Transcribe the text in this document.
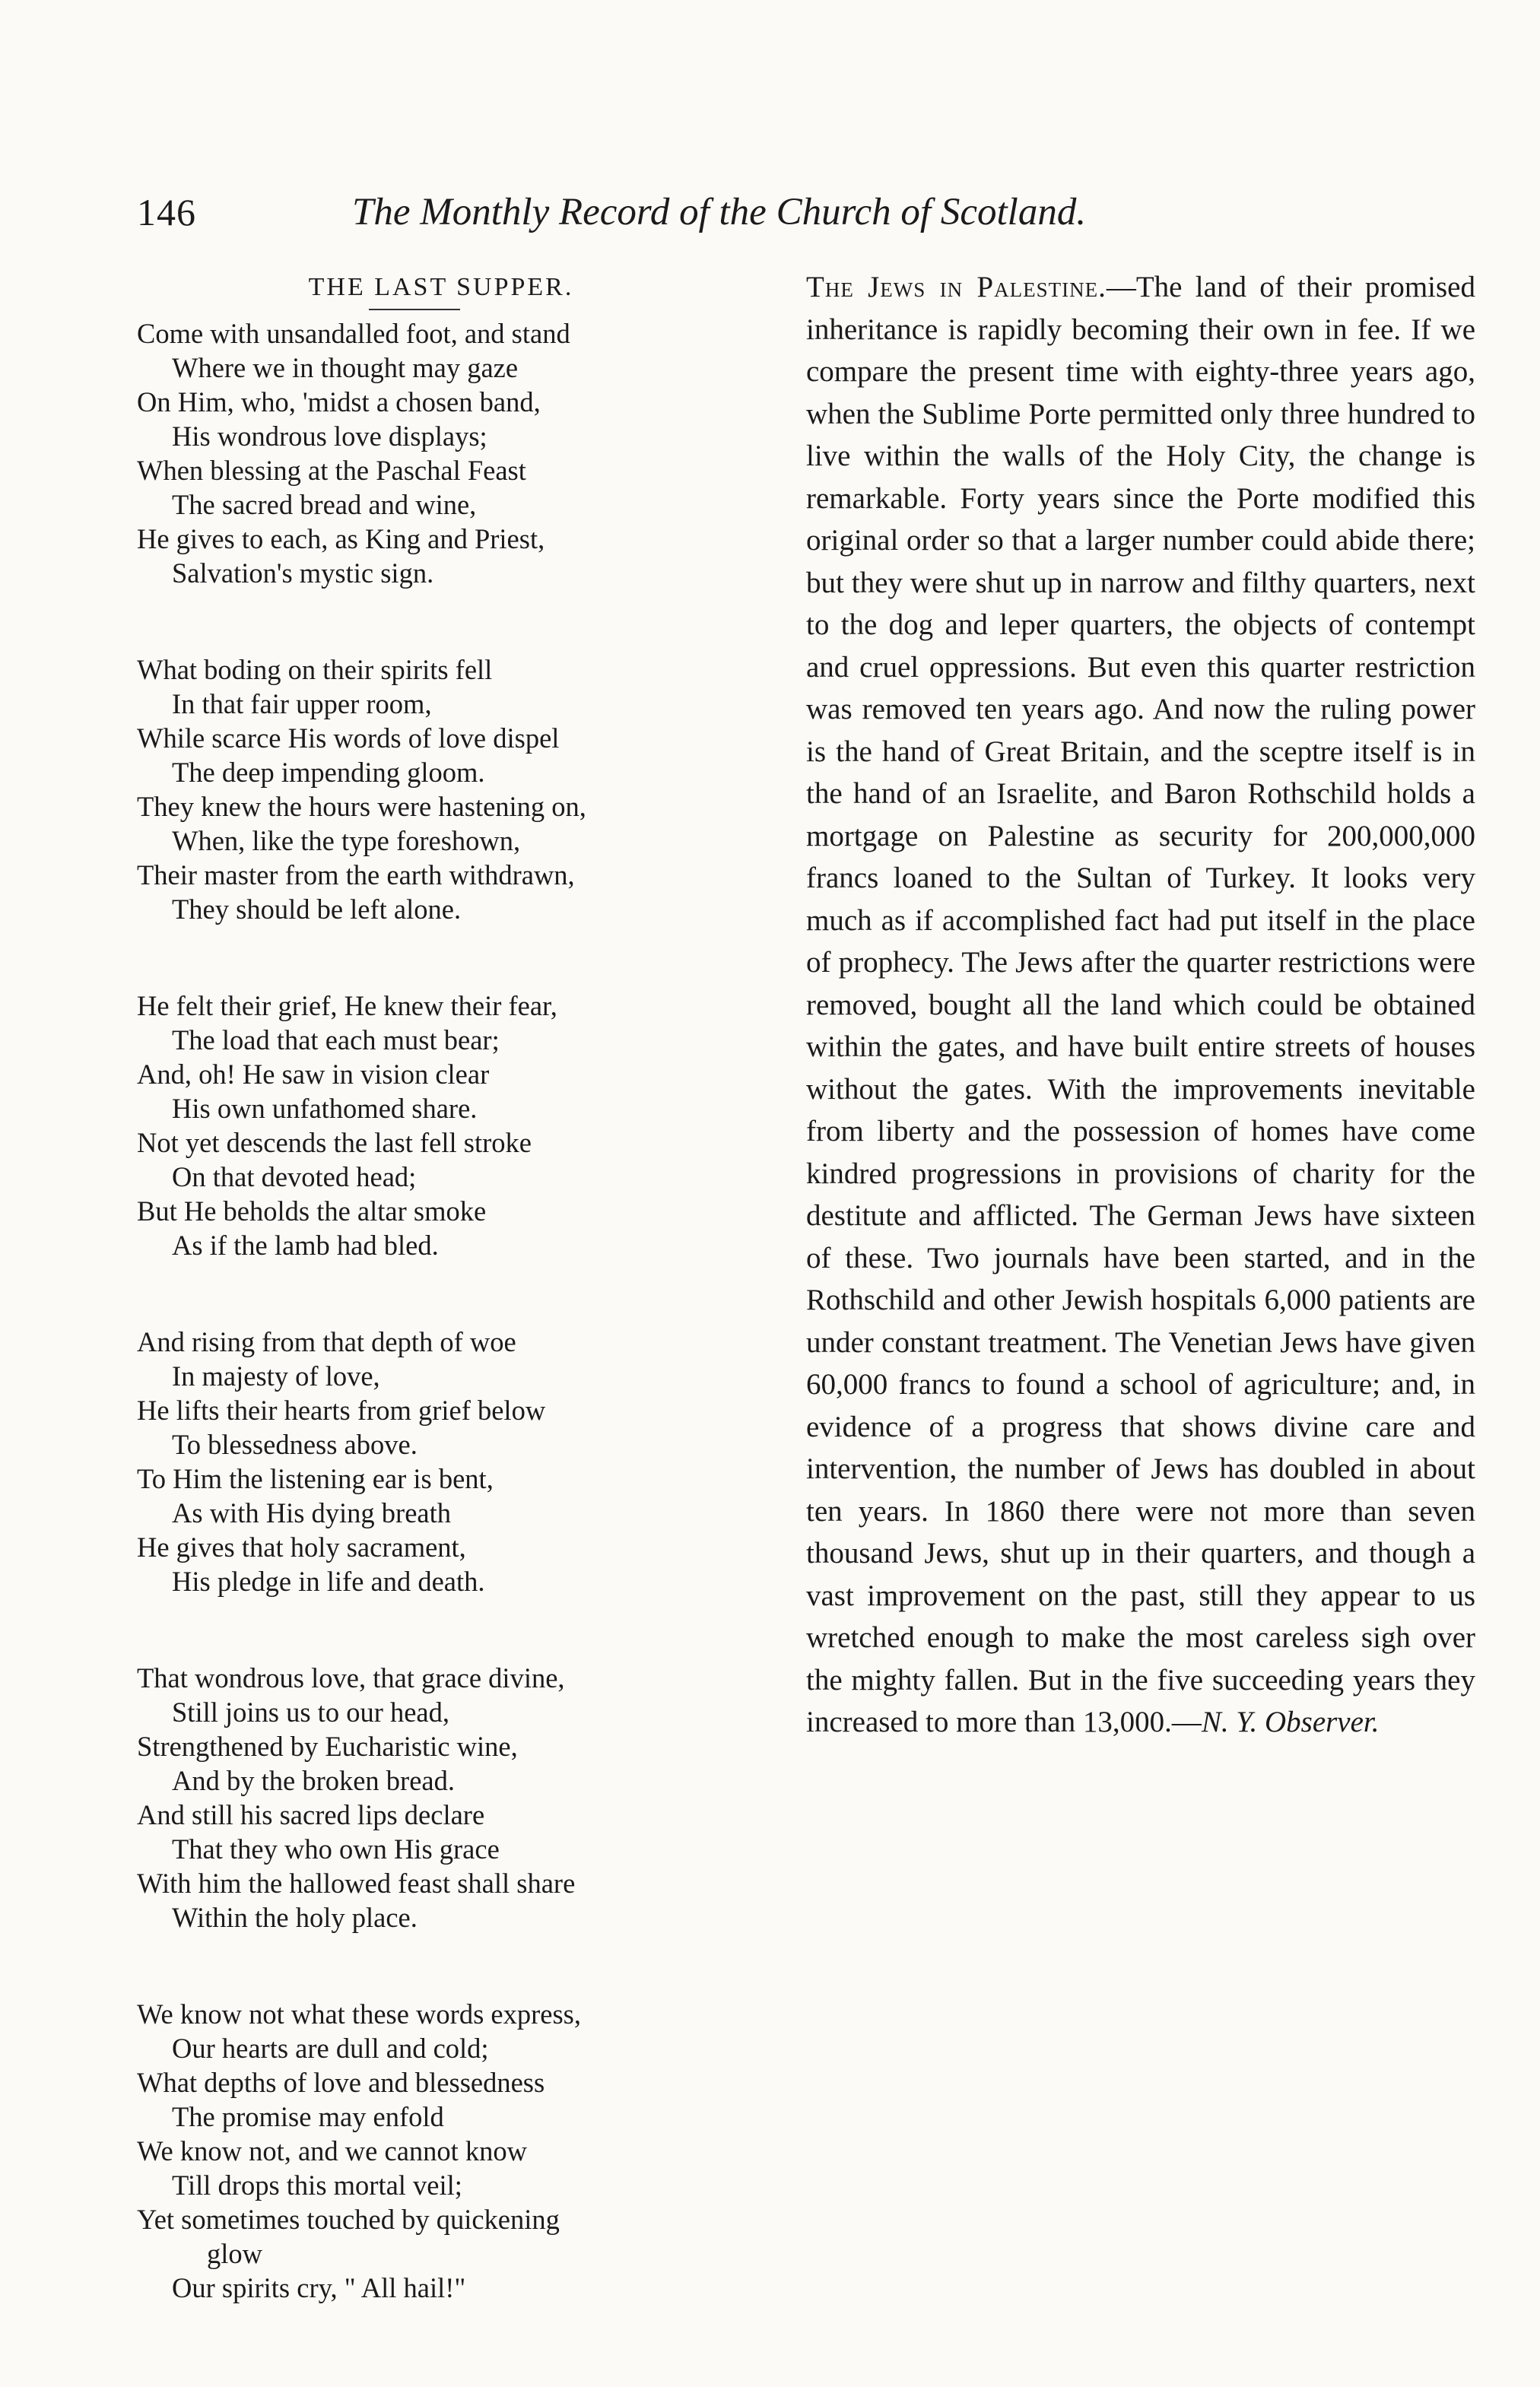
146	The Monthly Record of the Church of Scotland.
THE LAST SUPPER.
Come with unsandalled foot, and stand
Where we in thought may gaze
On Him, who, 'midst a chosen band,
His wondrous love displays;
When blessing at the Paschal Feast
The sacred bread and wine,
He gives to each, as King and Priest,
Salvation's mystic sign.
What boding on their spirits fell
In that fair upper room,
While scarce His words of love dispel
The deep impending gloom.
They knew the hours were hastening on,
When, like the type foreshown,
Their master from the earth withdrawn,
They should be left alone.
He felt their grief, He knew their fear,
The load that each must bear;
And, oh! He saw in vision clear
His own unfathomed share.
Not yet descends the last fell stroke
On that devoted head;
But He beholds the altar smoke
As if the lamb had bled.
And rising from that depth of woe
In majesty of love,
He lifts their hearts from grief below
To blessedness above.
To Him the listening ear is bent,
As with His dying breath
He gives that holy sacrament,
His pledge in life and death.
That wondrous love, that grace divine,
Still joins us to our head,
Strengthened by Eucharistic wine,
And by the broken bread.
And still his sacred lips declare
That they who own His grace
With him the hallowed feast shall share
Within the holy place.
We know not what these words express,
Our hearts are dull and cold;
What depths of love and blessedness
The promise may enfold
We know not, and we cannot know
Till drops this mortal veil;
Yet sometimes touched by quickening
glow
Our spirits cry, " All hail!"

The Jews in Palestine.—The land of their promised inheritance is rapidly becoming their own in fee. If we compare the present time with eighty-three years ago, when the Sublime Porte permitted only three hundred to live within the walls of the Holy City, the change is remarkable. Forty years since the Porte modified this original order so that a larger number could abide there; but they were shut up in narrow and filthy quarters, next to the dog and leper quarters, the objects of contempt and cruel oppressions. But even this quarter restriction was removed ten years ago. And now the ruling power is the hand of Great Britain, and the sceptre itself is in the hand of an Israelite, and Baron Rothschild holds a mortgage on Palestine as security for 200,000,000 francs loaned to the Sultan of Turkey. It looks very much as if accomplished fact had put itself in the place of prophecy. The Jews after the quarter restrictions were removed, bought all the land which could be obtained within the gates, and have built entire streets of houses without the gates. With the improvements inevitable from liberty and the possession of homes have come kindred progressions in provisions of charity for the destitute and afflicted. The German Jews have sixteen of these. Two journals have been started, and in the Rothschild and other Jewish hospitals 6,000 patients are under constant treatment. The Venetian Jews have given 60,000 francs to found a school of agriculture; and, in evidence of a progress that shows divine care and intervention, the number of Jews has doubled in about ten years. In 1860 there were not more than seven thousand Jews, shut up in their quarters, and though a vast improvement on the past, still they appear to us wretched enough to make the most careless sigh over the mighty fallen. But in the five succeeding years they increased to more than 13,000.—N. Y. Observer.
